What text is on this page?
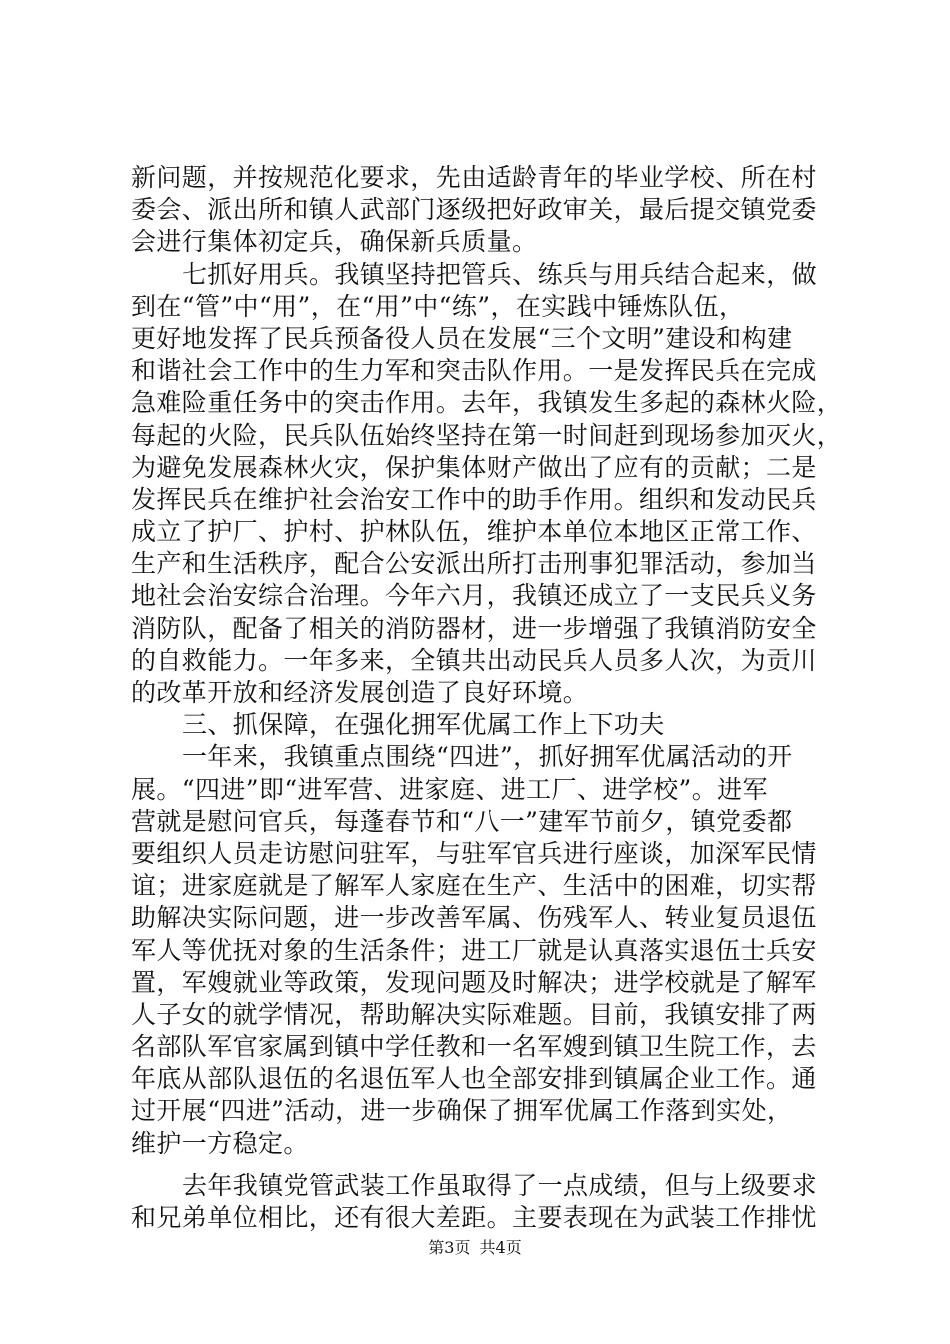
新问题，并按规范化要求，先由适龄青年的毕业学校、所在村
委会、派出所和镇人武部门逐级把好政审关，最后提交镇党委
会进行集体初定兵，确保新兵质量。
七抓好用兵。我镇坚持把管兵、练兵与用兵结合起来，做
到在“管”中“用”，在“用”中“练”，在实践中锤炼队伍，
更好地发挥了民兵预备役人员在发展“三个文明”建设和构建
和谐社会工作中的生力军和突击队作用。一是发挥民兵在完成
急难险重任务中的突击作用。去年，我镇发生多起的森林火险，
每起的火险，民兵队伍始终坚持在第一时间赶到现场参加灭火，
为避免发展森林火灾，保护集体财产做出了应有的贡献；二是
发挥民兵在维护社会治安工作中的助手作用。组织和发动民兵
成立了护厂、护村、护林队伍，维护本单位本地区正常工作、
生产和生活秩序，配合公安派出所打击刑事犯罪活动，参加当
地社会治安综合治理。今年六月，我镇还成立了一支民兵义务
消防队，配备了相关的消防器材，进一步增强了我镇消防安全
的自救能力。一年多来，全镇共出动民兵人员多人次，为贡川
的改革开放和经济发展创造了良好环境。
三、抓保障，在强化拥军优属工作上下功夫
一年来，我镇重点围绕“四进”，抓好拥军优属活动的开
展。“四进”即“进军营、进家庭、进工厂、进学校”。进军
营就是慰问官兵，每蓬春节和“八一”建军节前夕，镇党委都
要组织人员走访慰问驻军，与驻军官兵进行座谈，加深军民情
谊；进家庭就是了解军人家庭在生产、生活中的困难，切实帮
助解决实际问题，进一步改善军属、伤残军人、转业复员退伍
军人等优抚对象的生活条件；进工厂就是认真落实退伍士兵安
置，军嫂就业等政策，发现问题及时解决；进学校就是了解军
人子女的就学情况，帮助解决实际难题。目前，我镇安排了两
名部队军官家属到镇中学任教和一名军嫂到镇卫生院工作，去
年底从部队退伍的名退伍军人也全部安排到镇属企业工作。通
过开展“四进”活动，进一步确保了拥军优属工作落到实处，
维护一方稳定。
去年我镇党管武装工作虽取得了一点成绩，但与上级要求
和兄弟单位相比，还有很大差距。主要表现在为武装工作排忧
第3页 共4页
